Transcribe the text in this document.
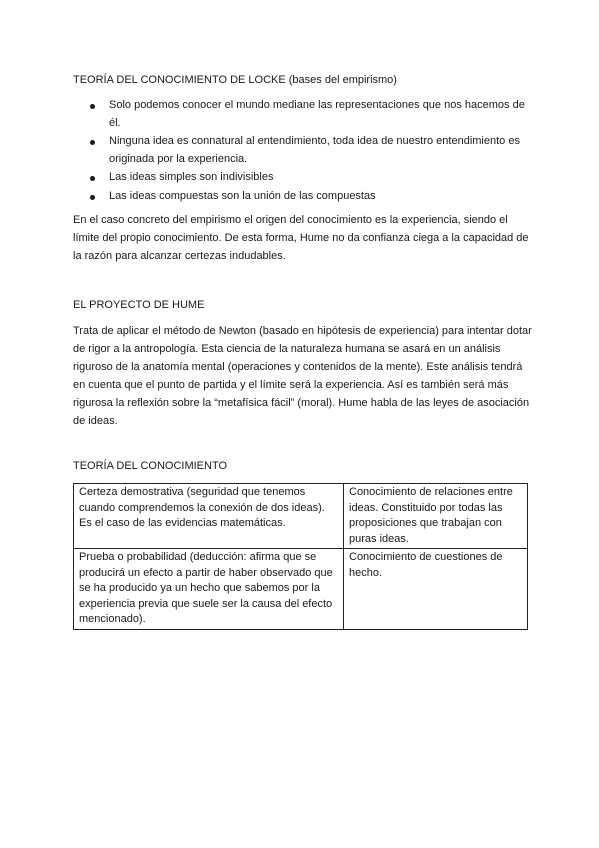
TEORÍA DEL CONOCIMIENTO DE LOCKE (bases del empirismo)
Solo podemos conocer el mundo mediane las representaciones que nos hacemos de él.
Ninguna idea es connatural al entendimiento, toda idea de nuestro entendimiento es originada por la experiencia.
Las ideas simples son indivisibles
Las ideas compuestas son la unión de las compuestas

En el caso concreto del empirismo el origen del conocimiento es la experiencia, siendo el límite del propio conocimiento. De esta forma, Hume no da confianza ciega a la capacidad de la razón para alcanzar certezas indudables.

EL PROYECTO DE HUME

Trata de aplicar el método de Newton (basado en hipótesis de experiencia) para intentar dotar de rigor a la antropología. Esta ciencia de la naturaleza humana se asará en un análisis riguroso de la anatomía mental (operaciones y contenidos de la mente). Este análisis tendrá en cuenta que el punto de partida y el límite será la experiencia. Así es también será más rigurosa la reflexión sobre la “metafísica fácil” (moral). Hume habla de las leyes de asociación de ideas.

TEORÍA DEL CONOCIMIENTO
Certeza demostrativa (seguridad que tenemos cuando comprendemos la conexión de dos ideas). Es el caso de las evidencias matemáticas.	Conocimiento de relaciones entre ideas. Constituido por todas las proposiciones que trabajan con puras ideas.
Prueba o probabilidad (deducción: afirma que se producirá un efecto a partir de haber observado que se ha producido ya un hecho que sabemos por la experiencia previa que suele ser la causa del efecto mencionado).	Conocimiento de cuestiones de hecho.
